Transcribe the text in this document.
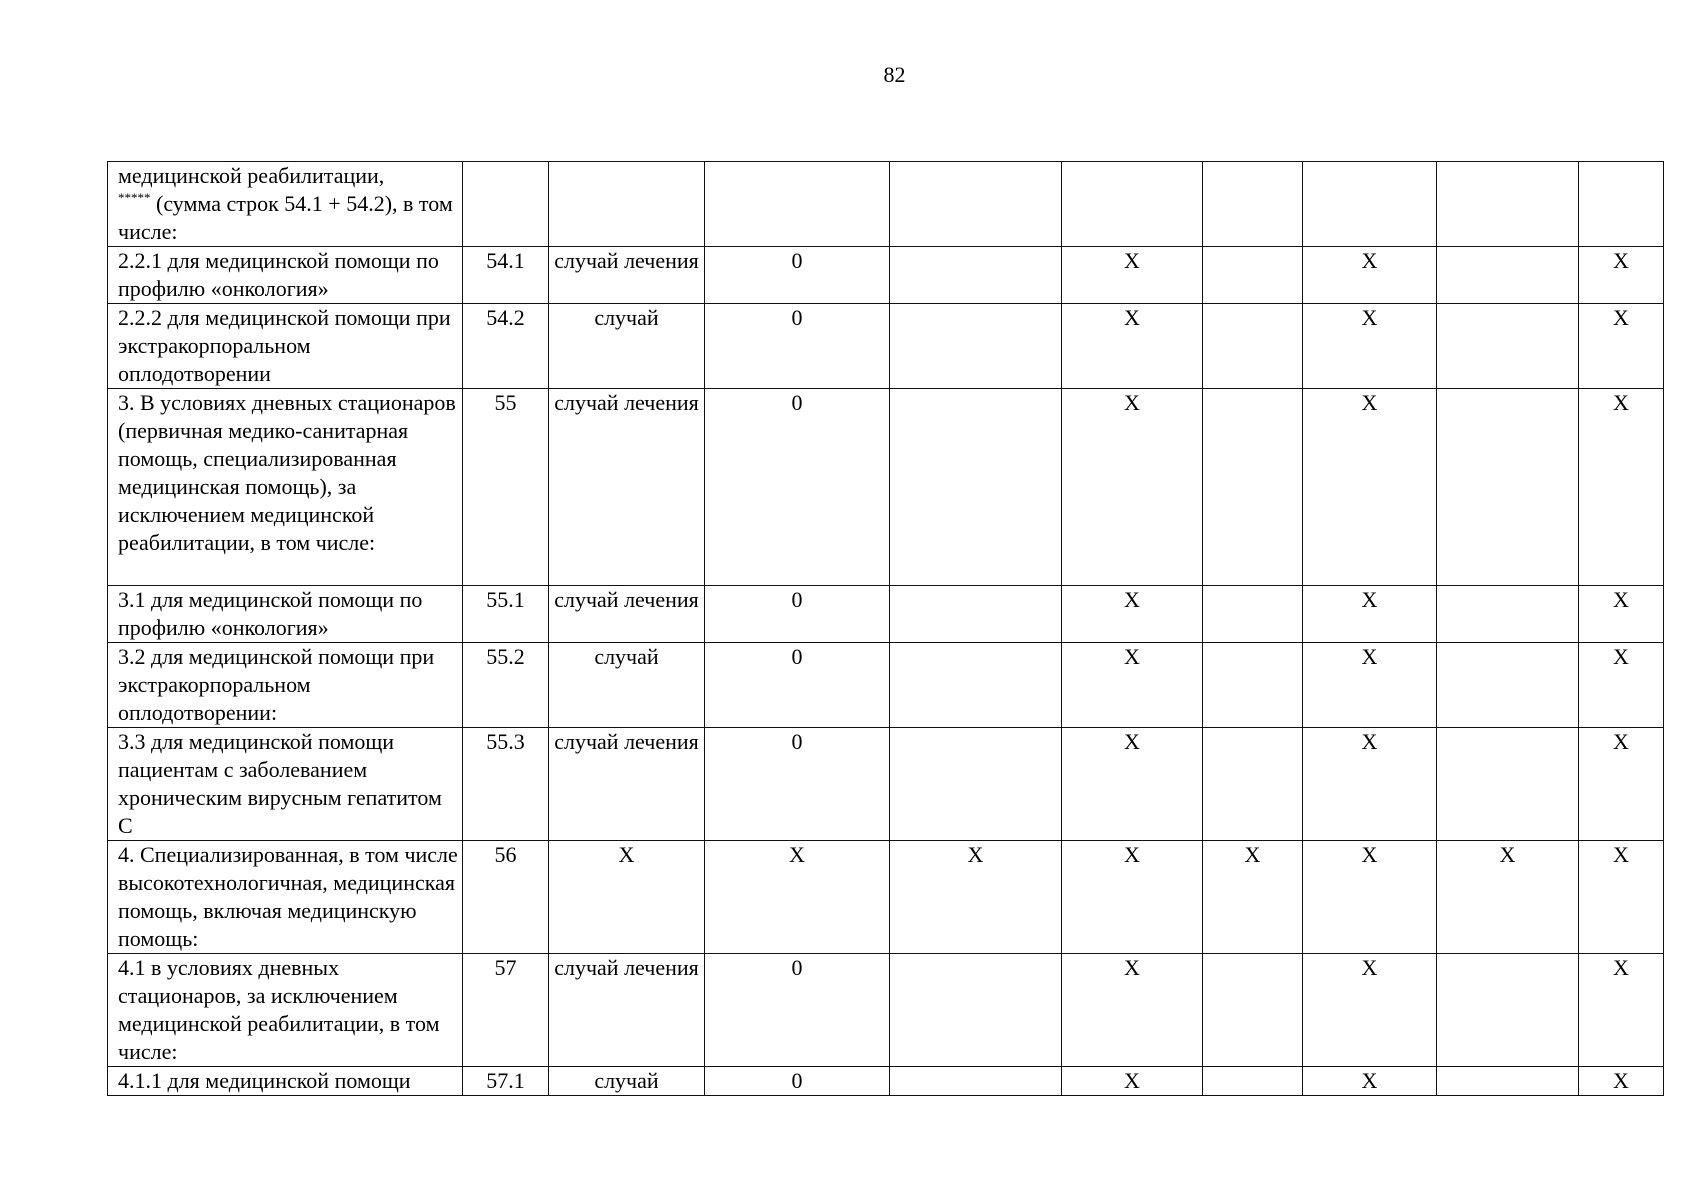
82
медицинской реабилитации,
***** (сумма строк 54.1 + 54.2), в том числе:									
2.2.1 для медицинской помощи по профилю «онкология»	54.1	случай лечения	0		X		X		X
2.2.2 для медицинской помощи при экстракорпоральном оплодотворении	54.2	случай	0		X		X		X
3. В условиях дневных стационаров (первичная медико-санитарная помощь, специализированная медицинская помощь), за исключением медицинской реабилитации, в том числе:	55	случай лечения	0		X		X		X
3.1 для медицинской помощи по профилю «онкология»	55.1	случай лечения	0		X		X		X
3.2 для медицинской помощи при экстракорпоральном оплодотворении:	55.2	случай	0		X		X		X
3.3 для медицинской помощи пациентам с заболеванием хроническим вирусным гепатитом С	55.3	случай лечения	0		X		X		X
4. Специализированная, в том числе высокотехнологичная, медицинская помощь, включая медицинскую помощь:	56	X	X	X	X	X	X	X	X
4.1 в условиях дневных стационаров, за исключением медицинской реабилитации, в том числе:	57	случай лечения	0		X		X		X
4.1.1 для медицинской помощи	57.1	случай	0		X		X		X
